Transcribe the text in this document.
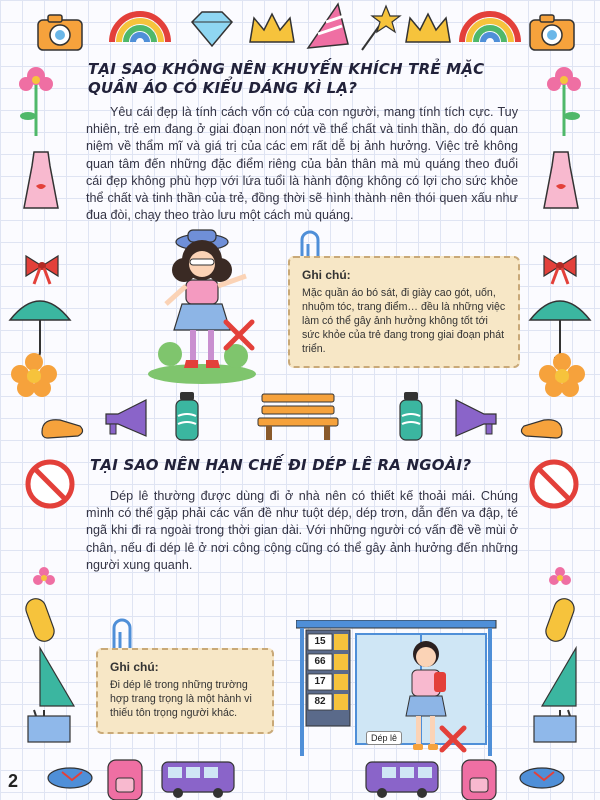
TẠI SAO KHÔNG NÊN KHUYẾN KHÍCH TRẺ MẶC QUẦN ÁO CÓ KIỂU DÁNG KÌ LẠ?
Yêu cái đẹp là tính cách vốn có của con người, mang tính tích cực. Tuy nhiên, trẻ em đang ở giai đoạn non nớt về thể chất và tinh thần, do đó quan niệm về thẩm mĩ và giá trị của các em rất dễ bị ảnh hưởng. Việc trẻ không quan tâm đến những đặc điểm riêng của bản thân mà mù quáng theo đuổi cái đẹp không phù hợp với lứa tuổi là hành động không có lợi cho sức khỏe thể chất và tinh thần của trẻ, đồng thời sẽ hình thành nên thói quen xấu như đua đòi, chạy theo trào lưu một cách mù quáng.
Ghi chú:
Mặc quần áo bó sát, đi giày cao gót, uốn, nhuộm tóc, trang điểm… đều là những việc làm có thể gây ảnh hưởng không tốt tới sức khỏe của trẻ đang trong giai đoạn phát triển.
TẠI SAO NÊN HẠN CHẾ ĐI DÉP LÊ RA NGOÀI?
Dép lê thường được dùng đi ở nhà nên có thiết kế thoải mái. Chúng mình có thể gặp phải các vấn đề như tuột dép, dép trơn, dẫn đến va đập, té ngã khi đi ra ngoài trong thời gian dài. Với những người có vấn đề về mùi ở chân, nếu đi dép lê ở nơi công cộng cũng có thể gây ảnh hưởng đến những người xung quanh.
Ghi chú:
Đi dép lê trong những trường hợp trang trọng là một hành vi thiếu tôn trọng người khác.
15
66
17
82
Dép lê
2
